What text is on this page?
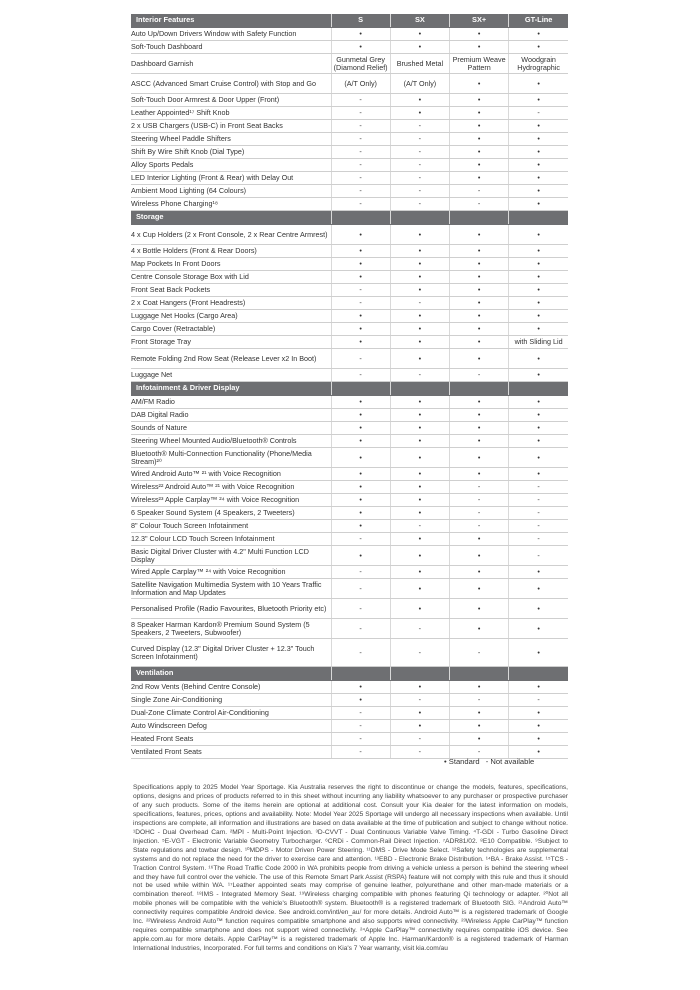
Interior Features	S	SX	SX+	GT-Line
Auto Up/Down Drivers Window with Safety Function	•	•	•	•
Soft-Touch Dashboard	•	•	•	•
Dashboard Garnish	Gunmetal Grey (Diamond Relief)	Brushed Metal	Premium Weave Pattern	Woodgrain Hydrographic
ASCC (Advanced Smart Cruise Control) with Stop and Go	(A/T Only)	(A/T Only)	•	•
Soft-Touch Door Armrest & Door Upper (Front)	-	•	•	•
Leather Appointed¹⁷ Shift Knob	-	•	•	-
2 x USB Chargers (USB-C) in Front Seat Backs	-	-	•	•
Steering Wheel Paddle Shifters	-	-	•	•
Shift By Wire Shift Knob (Dial Type)	-	-	•	•
Alloy Sports Pedals	-	-	•	•
LED Interior Lighting (Front & Rear) with Delay Out	-	-	•	•
Ambient Mood Lighting (64 Colours)	-	-	-	•
Wireless Phone Charging¹⁸	-	-	-	•
Storage				
4 x Cup Holders (2 x Front Console, 2 x Rear Centre Armrest)	•	•	•	•
4 x Bottle Holders (Front & Rear Doors)	•	•	•	•
Map Pockets In Front Doors	•	•	•	•
Centre Console Storage Box with Lid	•	•	•	•
Front Seat Back Pockets	-	•	•	•
2 x Coat Hangers (Front Headrests)	-	-	•	•
Luggage Net Hooks (Cargo Area)	•	•	•	•
Cargo Cover (Retractable)	•	•	•	•
Front Storage Tray	•	•	•	with Sliding Lid
Remote Folding 2nd Row Seat (Release Lever x2 In Boot)	-	•	•	•
Luggage Net	-	-	-	•
Infotainment & Driver Display				
AM/FM Radio	•	•	•	•
DAB Digital Radio	•	•	•	•
Sounds of Nature	•	•	•	•
Steering Wheel Mounted Audio/Bluetooth® Controls	•	•	•	•
Bluetooth® Multi-Connection Functionality (Phone/Media Stream)²⁰	•	•	•	•
Wired Android Auto™ ²¹ with Voice Recognition	•	•	•	•
Wireless²² Android Auto™ ²¹ with Voice Recognition	•	•	-	-
Wireless²³ Apple Carplay™ ²⁴ with Voice Recognition	•	•	-	-
6 Speaker Sound System (4 Speakers, 2 Tweeters)	•	•	-	-
8" Colour Touch Screen Infotainment	•	-	-	-
12.3" Colour LCD Touch Screen Infotainment	-	•	•	-
Basic Digital Driver Cluster with 4.2" Multi Function LCD Display	•	•	•	-
Wired Apple Carplay™ ²⁴ with Voice Recognition	-	•	•	•
Satellite Navigation Multimedia System with 10 Years Traffic Information and Map Updates	-	•	•	•
Personalised Profile (Radio Favourites, Bluetooth Priority etc)	-	•	•	•
8 Speaker Harman Kardon® Premium Sound System (5 Speakers, 2 Tweeters, Subwoofer)	-	-	•	•
Curved Display (12.3" Digital Driver Cluster + 12.3" Touch Screen Infotainment)	-	-	-	•
Ventilation				
2nd Row Vents (Behind Centre Console)	•	•	•	•
Single Zone Air-Conditioning	•	-	-	-
Dual-Zone Climate Control Air-Conditioning	-	•	•	•
Auto Windscreen Defog	-	•	•	•
Heated Front Seats	-	-	•	•
Ventilated Front Seats	-	-	-	•
• Standard - Not available

Specifications apply to 2025 Model Year Sportage. Kia Australia reserves the right to discontinue or change the models, features, specifications, options, designs and prices of products referred to in this sheet without incurring any liability whatsoever to any purchaser or prospective purchaser of any such products. Some of the items herein are optional at additional cost. Consult your Kia dealer for the latest information on models, specifications, features, prices, options and availability. Note: Model Year 2025 Sportage will undergo all necessary inspections when available. Until inspections are complete, all information and illustrations are based on data available at the time of publication and subject to change without notice. ¹DOHC - Dual Overhead Cam. ²MPI - Multi-Point Injection. ³D-CVVT - Dual Continuous Variable Valve Timing. ⁴T-GDI - Turbo Gasoline Direct Injection. ⁵E-VGT - Electronic Variable Geometry Turbocharger. ⁶CRDi - Common-Rail Direct Injection. ⁷ADR81/02. ⁸E10 Compatible. ⁹Subject to State regulations and towbar design. ¹⁰MDPS - Motor Driven Power Steering. ¹¹DMS - Drive Mode Select. ¹²Safety technologies are supplemental systems and do not replace the need for the driver to exercise care and attention. ¹³EBD - Electronic Brake Distribution. ¹⁴BA - Brake Assist. ¹⁵TCS - Traction Control System. ¹⁶The Road Traffic Code 2000 in WA prohibits people from driving a vehicle unless a person is behind the steering wheel and they have full control over the vehicle. The use of this Remote Smart Park Assist (RSPA) feature will not comply with this rule and thus it should not be used while within WA. ¹⁷Leather appointed seats may comprise of genuine leather, polyurethane and other man-made materials or a combination thereof. ¹⁸IMS - Integrated Memory Seat. ¹⁹Wireless charging compatible with phones featuring Qi technology or adapter. ²⁰Not all mobile phones will be compatible with the vehicle's Bluetooth® system. Bluetooth® is a registered trademark of Bluetooth SIG. ²¹Android Auto™ connectivity requires compatible Android device. See android.com/intl/en_au/ for more details. Android Auto™ is a registered trademark of Google Inc. ²²Wireless Android Auto™ function requires compatible smartphone and also supports wired connectivity. ²³Wireless Apple CarPlay™ function requires compatible smartphone and does not support wired connectivity. ²⁴Apple CarPlay™ connectivity requires compatible iOS device. See apple.com.au for more details. Apple CarPlay™ is a registered trademark of Apple Inc. Harman/Kardon® is a registered trademark of Harman International Industries, Incorporated. For full terms and conditions on Kia's 7 Year warranty, visit kia.com/au
